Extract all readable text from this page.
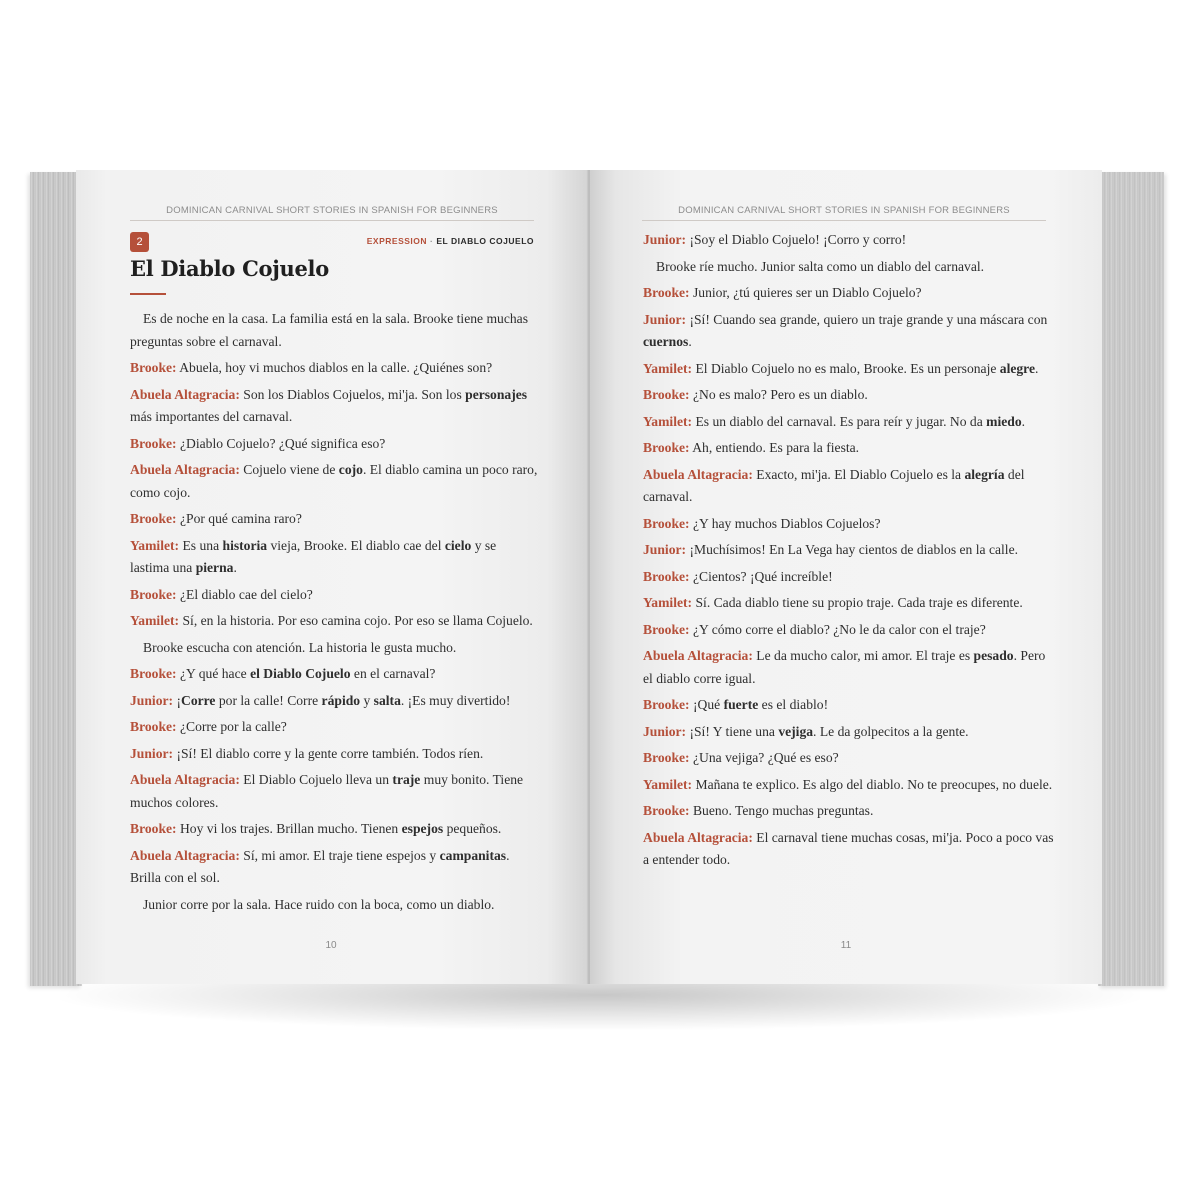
DOMINICAN CARNIVAL SHORT STORIES IN SPANISH FOR BEGINNERS
2	EXPRESSION · EL DIABLO COJUELO
El Diablo Cojuelo

Es de noche en la casa. La familia está en la sala. Brooke tiene muchas preguntas sobre el carnaval.

Brooke: Abuela, hoy vi muchos diablos en la calle. ¿Quiénes son?

Abuela Altagracia: Son los Diablos Cojuelos, mi'ja. Son los personajes más importantes del carnaval.

Brooke: ¿Diablo Cojuelo? ¿Qué significa eso?

Abuela Altagracia: Cojuelo viene de cojo. El diablo camina un poco raro, como cojo.

Brooke: ¿Por qué camina raro?

Yamilet: Es una historia vieja, Brooke. El diablo cae del cielo y se lastima una pierna.

Brooke: ¿El diablo cae del cielo?

Yamilet: Sí, en la historia. Por eso camina cojo. Por eso se llama Cojuelo.

Brooke escucha con atención. La historia le gusta mucho.

Brooke: ¿Y qué hace el Diablo Cojuelo en el carnaval?

Junior: ¡Corre por la calle! Corre rápido y salta. ¡Es muy divertido!

Brooke: ¿Corre por la calle?

Junior: ¡Sí! El diablo corre y la gente corre también. Todos ríen.

Abuela Altagracia: El Diablo Cojuelo lleva un traje muy bonito. Tiene muchos colores.

Brooke: Hoy vi los trajes. Brillan mucho. Tienen espejos pequeños.

Abuela Altagracia: Sí, mi amor. El traje tiene espejos y campanitas. Brilla con el sol.

Junior corre por la sala. Hace ruido con la boca, como un diablo.

10
DOMINICAN CARNIVAL SHORT STORIES IN SPANISH FOR BEGINNERS

Junior: ¡Soy el Diablo Cojuelo! ¡Corro y corro!

Brooke ríe mucho. Junior salta como un diablo del carnaval.

Brooke: Junior, ¿tú quieres ser un Diablo Cojuelo?

Junior: ¡Sí! Cuando sea grande, quiero un traje grande y una máscara con cuernos.

Yamilet: El Diablo Cojuelo no es malo, Brooke. Es un personaje alegre.

Brooke: ¿No es malo? Pero es un diablo.

Yamilet: Es un diablo del carnaval. Es para reír y jugar. No da miedo.

Brooke: Ah, entiendo. Es para la fiesta.

Abuela Altagracia: Exacto, mi'ja. El Diablo Cojuelo es la alegría del carnaval.

Brooke: ¿Y hay muchos Diablos Cojuelos?

Junior: ¡Muchísimos! En La Vega hay cientos de diablos en la calle.

Brooke: ¿Cientos? ¡Qué increíble!

Yamilet: Sí. Cada diablo tiene su propio traje. Cada traje es diferente.

Brooke: ¿Y cómo corre el diablo? ¿No le da calor con el traje?

Abuela Altagracia: Le da mucho calor, mi amor. El traje es pesado. Pero el diablo corre igual.

Brooke: ¡Qué fuerte es el diablo!

Junior: ¡Sí! Y tiene una vejiga. Le da golpecitos a la gente.

Brooke: ¿Una vejiga? ¿Qué es eso?

Yamilet: Mañana te explico. Es algo del diablo. No te preocupes, no duele.

Brooke: Bueno. Tengo muchas preguntas.

Abuela Altagracia: El carnaval tiene muchas cosas, mi'ja. Poco a poco vas a entender todo.

11
